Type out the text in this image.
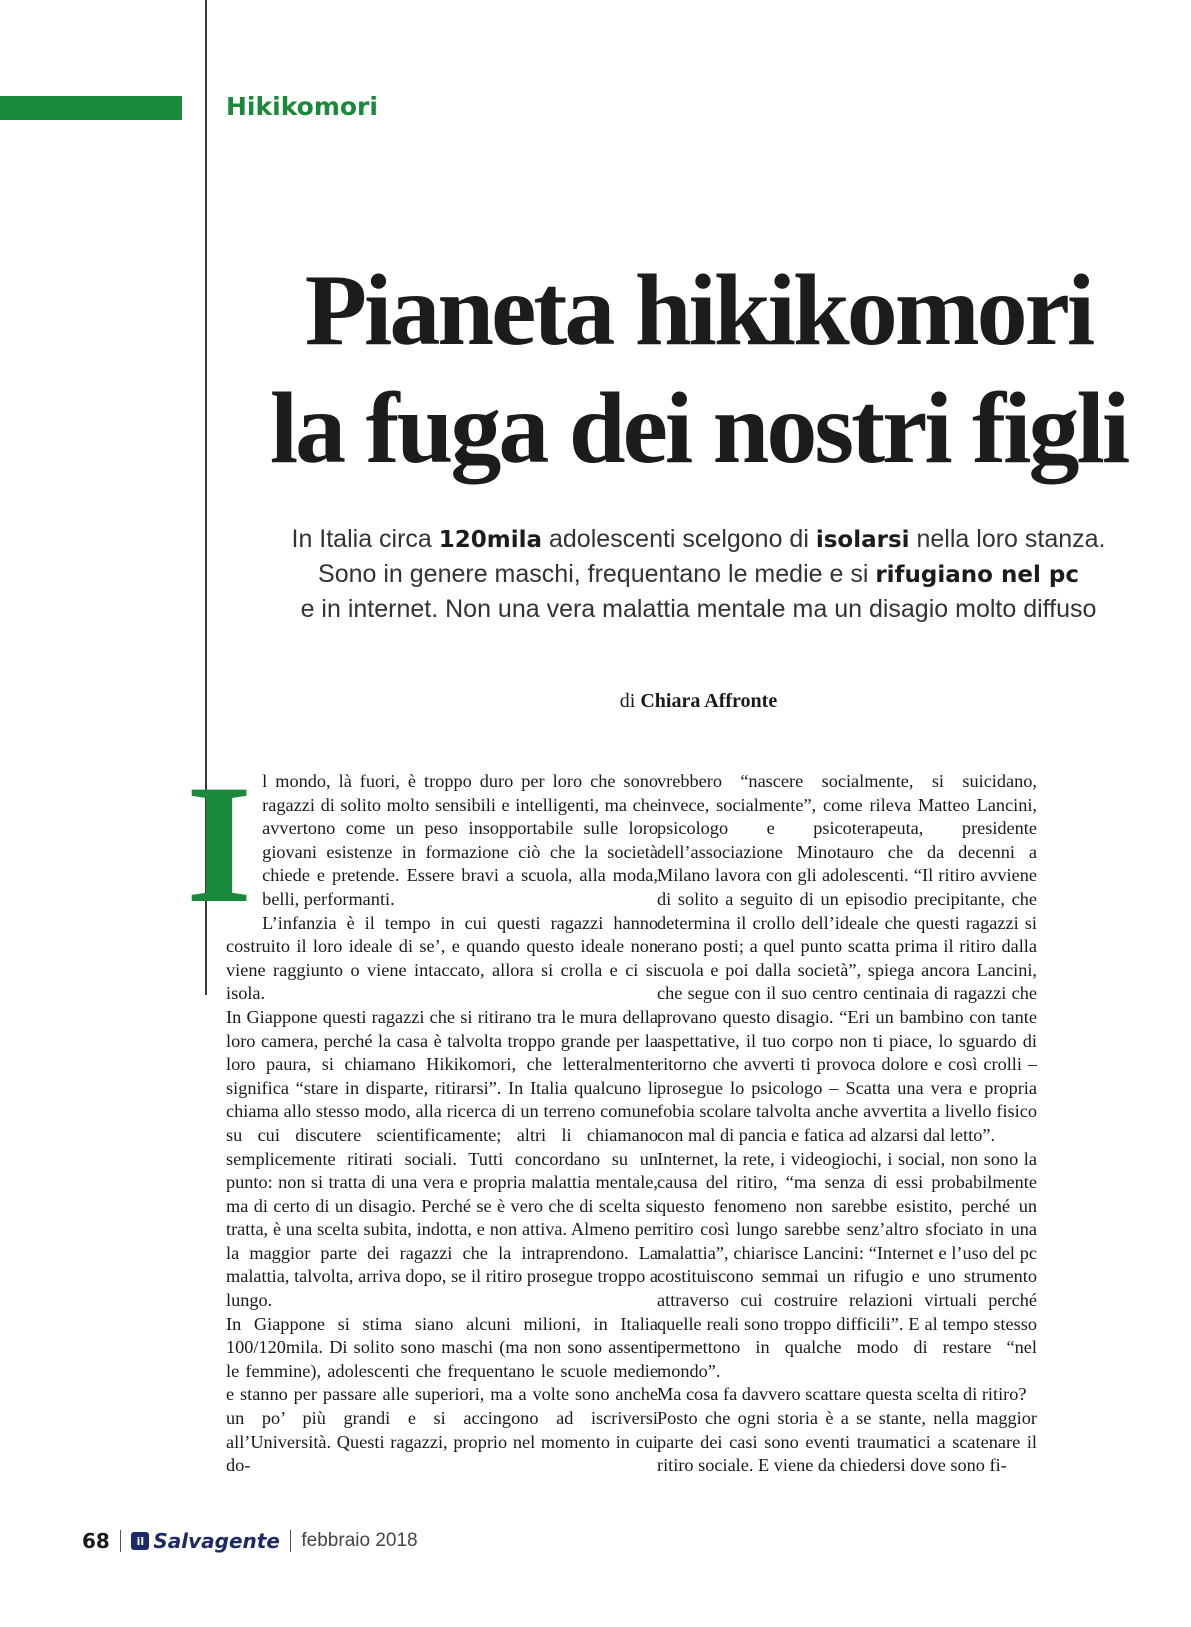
Hikikomori
Pianeta hikikomori
la fuga dei nostri figli
In Italia circa 120mila adolescenti scelgono di isolarsi nella loro stanza.
Sono in genere maschi, frequentano le medie e si rifugiano nel pc
e in internet. Non una vera malattia mentale ma un disagio molto diffuso
di Chiara Affronte

Il mondo, là fuori, è troppo duro per loro che sono ragazzi di solito molto sensibili e intelligenti, ma che avvertono come un peso insopportabile sulle loro giovani esistenze in formazione ciò che la società chiede e pretende. Essere bravi a scuola, alla moda, belli, performanti.

L’infanzia è il tempo in cui questi ragazzi hanno costruito il loro ideale di se’, e quando questo ideale non viene raggiunto o viene intaccato, allora si crolla e ci si isola.

In Giappone questi ragazzi che si ritirano tra le mura della loro camera, perché la casa è talvolta troppo grande per la loro paura, si chiamano Hikikomori, che letteralmente significa “stare in disparte, ritirarsi”. In Italia qualcuno li chiama allo stesso modo, alla ricerca di un terreno comune su cui discutere scientificamente; altri li chiamano semplicemente ritirati sociali. Tutti concordano su un punto: non si tratta di una vera e propria malattia mentale, ma di certo di un disagio. Perché se è vero che di scelta si tratta, è una scelta subita, indotta, e non attiva. Almeno per la maggior parte dei ragazzi che la intraprendono. La malattia, talvolta, arriva dopo, se il ritiro prosegue troppo a lungo.

In Giappone si stima siano alcuni milioni, in Italia 100/120mila. Di solito sono maschi (ma non sono assenti le femmine), adolescenti che frequentano le scuole medie e stanno per passare alle superiori, ma a volte sono anche un po’ più grandi e si accingono ad iscriversi all’Università. Questi ragazzi, proprio nel momento in cui do-

vrebbero “nascere socialmente, si suicidano, invece, socialmente”, come rileva Matteo Lancini, psicologo e psicoterapeuta, presidente dell’associazione Minotauro che da decenni a Milano lavora con gli adolescenti. “Il ritiro avviene di solito a seguito di un episodio precipitante, che determina il crollo dell’ideale che questi ragazzi si erano posti; a quel punto scatta prima il ritiro dalla scuola e poi dalla società”, spiega ancora Lancini, che segue con il suo centro centinaia di ragazzi che provano questo disagio. “Eri un bambino con tante aspettative, il tuo corpo non ti piace, lo sguardo di ritorno che avverti ti provoca dolore e così crolli – prosegue lo psicologo – Scatta una vera e propria fobia scolare talvolta anche avvertita a livello fisico con mal di pancia e fatica ad alzarsi dal letto”.

Internet, la rete, i videogiochi, i social, non sono la causa del ritiro, “ma senza di essi probabilmente questo fenomeno non sarebbe esistito, perché un ritiro così lungo sarebbe senz’altro sfociato in una malattia”, chiarisce Lancini: “Internet e l’uso del pc costituiscono semmai un rifugio e uno strumento attraverso cui costruire relazioni virtuali perché quelle reali sono troppo difficili”. E al tempo stesso permettono in qualche modo di restare “nel mondo”.

Ma cosa fa davvero scattare questa scelta di ritiro?

Posto che ogni storia è a se stante, nella maggior parte dei casi sono eventi traumatici a scatenare il ritiro sociale. E viene da chiedersi dove sono fi-

68	il Salvagente febbraio 2018
